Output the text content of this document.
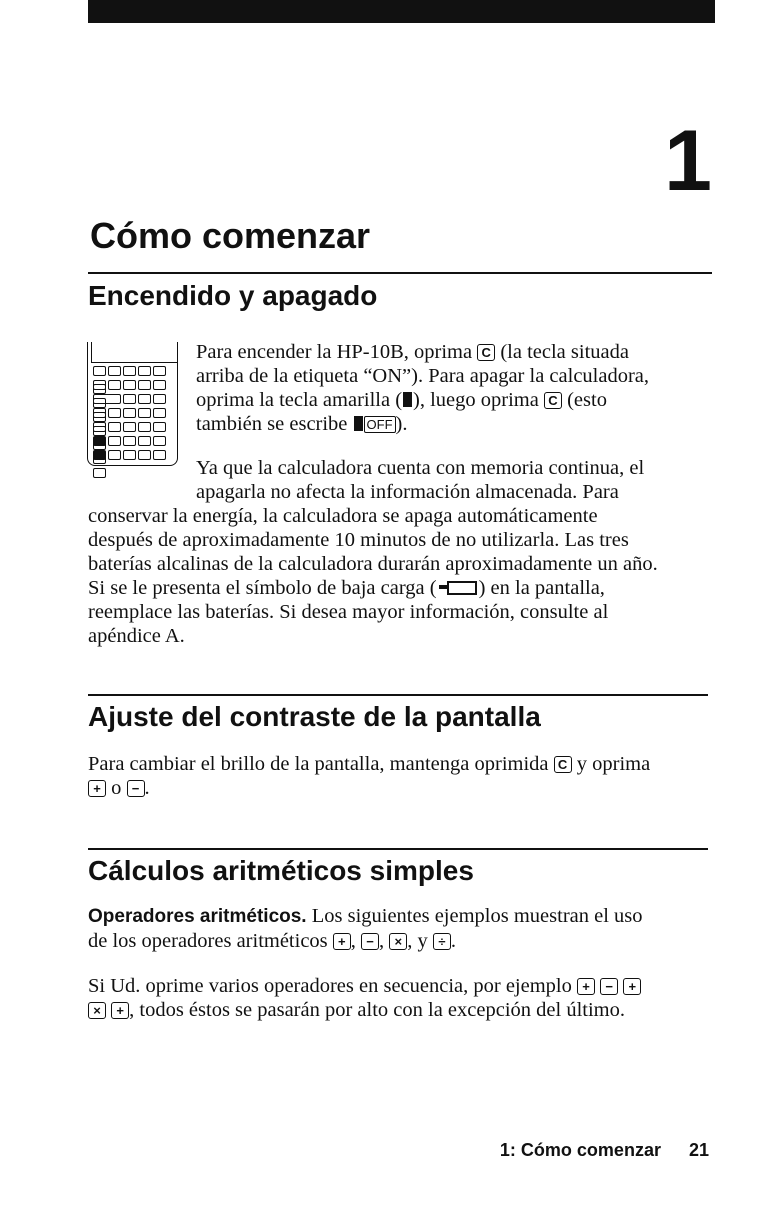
1
Cómo comenzar
Encendido y apagado

Para encender la HP-10B, oprima C (la tecla situada
arriba de la etiqueta “ON”). Para apagar la calculadora,
oprima la tecla amarilla ( ), luego oprima C (esto
también se escribe OFF ).

Ya que la calculadora cuenta con memoria continua, el
apagarla no afecta la información almacenada. Para

conservar la energía, la calculadora se apaga automáticamente
después de aproximadamente 10 minutos de no utilizarla. Las tres
baterías alcalinas de la calculadora durarán aproximadamente un año.
Si se le presenta el símbolo de baja carga ( ) en la pantalla,
reemplace las baterías. Si desea mayor información, consulte al
apéndice A.

Ajuste del contraste de la pantalla

Para cambiar el brillo de la pantalla, mantenga oprimida C y oprima
+ o − .

Cálculos aritméticos simples

Operadores aritméticos. Los siguientes ejemplos muestran el uso
de los operadores aritméticos + , − , × , y ÷ .

Si Ud. oprime varios operadores en secuencia, por ejemplo + − +
× + , todos éstos se pasarán por alto con la excepción del último.

1: Cómo comenzar 21
